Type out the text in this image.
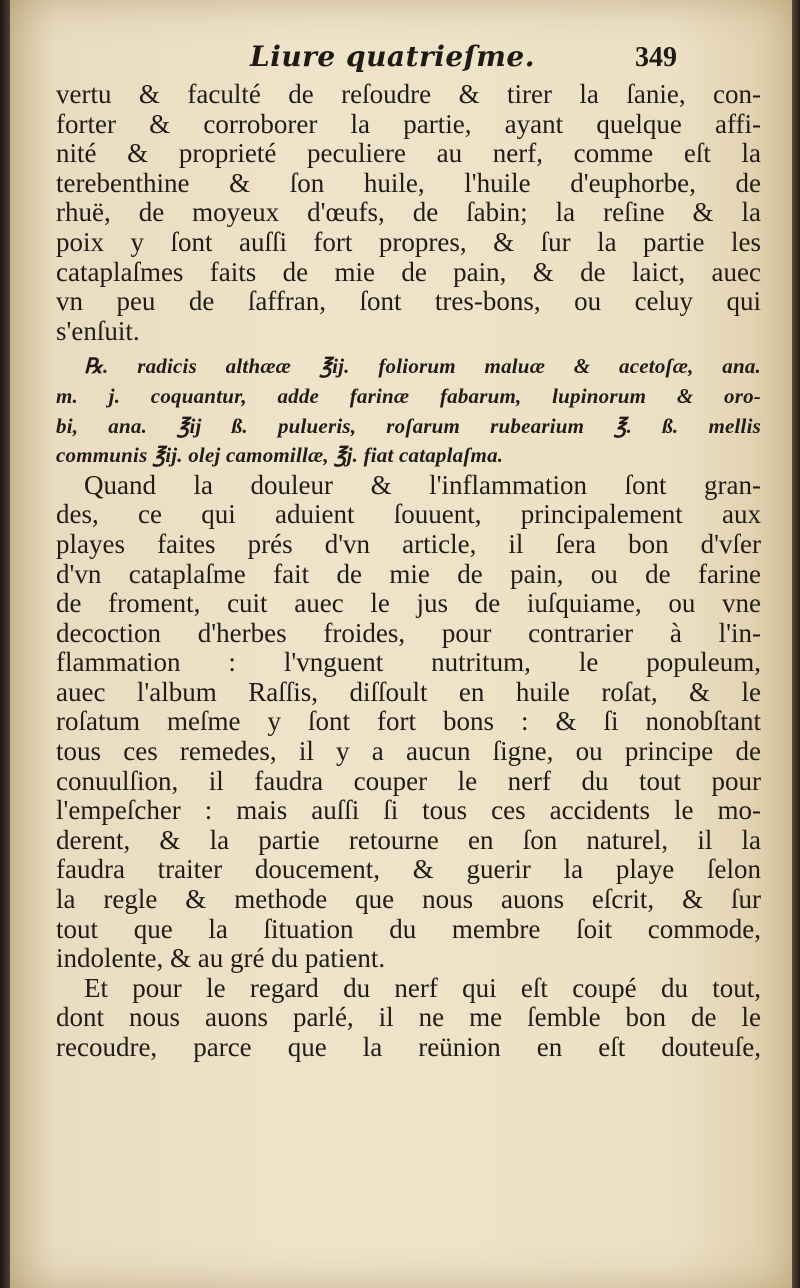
Liure quatrieſme.	349
vertu & faculté de reſoudre & tirer la ſanie, con-
forter & corroborer la partie, ayant quelque affi-
nité & proprieté peculiere au nerf, comme eſt la
terebenthine & ſon huile, l'huile d'euphorbe, de
rhuë, de moyeux d'œufs, de ſabin; la reſine & la
poix y ſont auſſi fort propres, & ſur la partie les
cataplaſmes faits de mie de pain, & de laict, auec
vn peu de ſaffran, ſont tres-bons, ou celuy qui
s'enſuit.
℞. radicis althææ ℥ij. foliorum maluæ & acetoſæ, ana.
m. j. coquantur, adde farinæ fabarum, lupinorum & oro-
bi, ana. ℥ij ß. pulueris, roſarum rubearium ℥. ß. mellis
communis ℥ij. olej camomillæ, ℥j. fiat cataplaſma.
Quand la douleur & l'inflammation ſont gran-
des, ce qui aduient ſouuent, principalement aux
playes faites prés d'vn article, il ſera bon d'vſer
d'vn cataplaſme fait de mie de pain, ou de farine
de froment, cuit auec le jus de iuſquiame, ou vne
decoction d'herbes froides, pour contrarier à l'in-
flammation : l'vnguent nutritum, le populeum,
auec l'album Raſſis, diſſoult en huile roſat, & le
roſatum meſme y ſont fort bons : & ſi nonobſtant
tous ces remedes, il y a aucun ſigne, ou principe de
conuulſion, il faudra couper le nerf du tout pour
l'empeſcher : mais auſſi ſi tous ces accidents le mo-
derent, & la partie retourne en ſon naturel, il la
faudra traiter doucement, & guerir la playe ſelon
la regle & methode que nous auons eſcrit, & ſur
tout que la ſituation du membre ſoit commode,
indolente, & au gré du patient.
Et pour le regard du nerf qui eſt coupé du tout,
dont nous auons parlé, il ne me ſemble bon de le
recoudre, parce que la reünion en eſt douteuſe,
